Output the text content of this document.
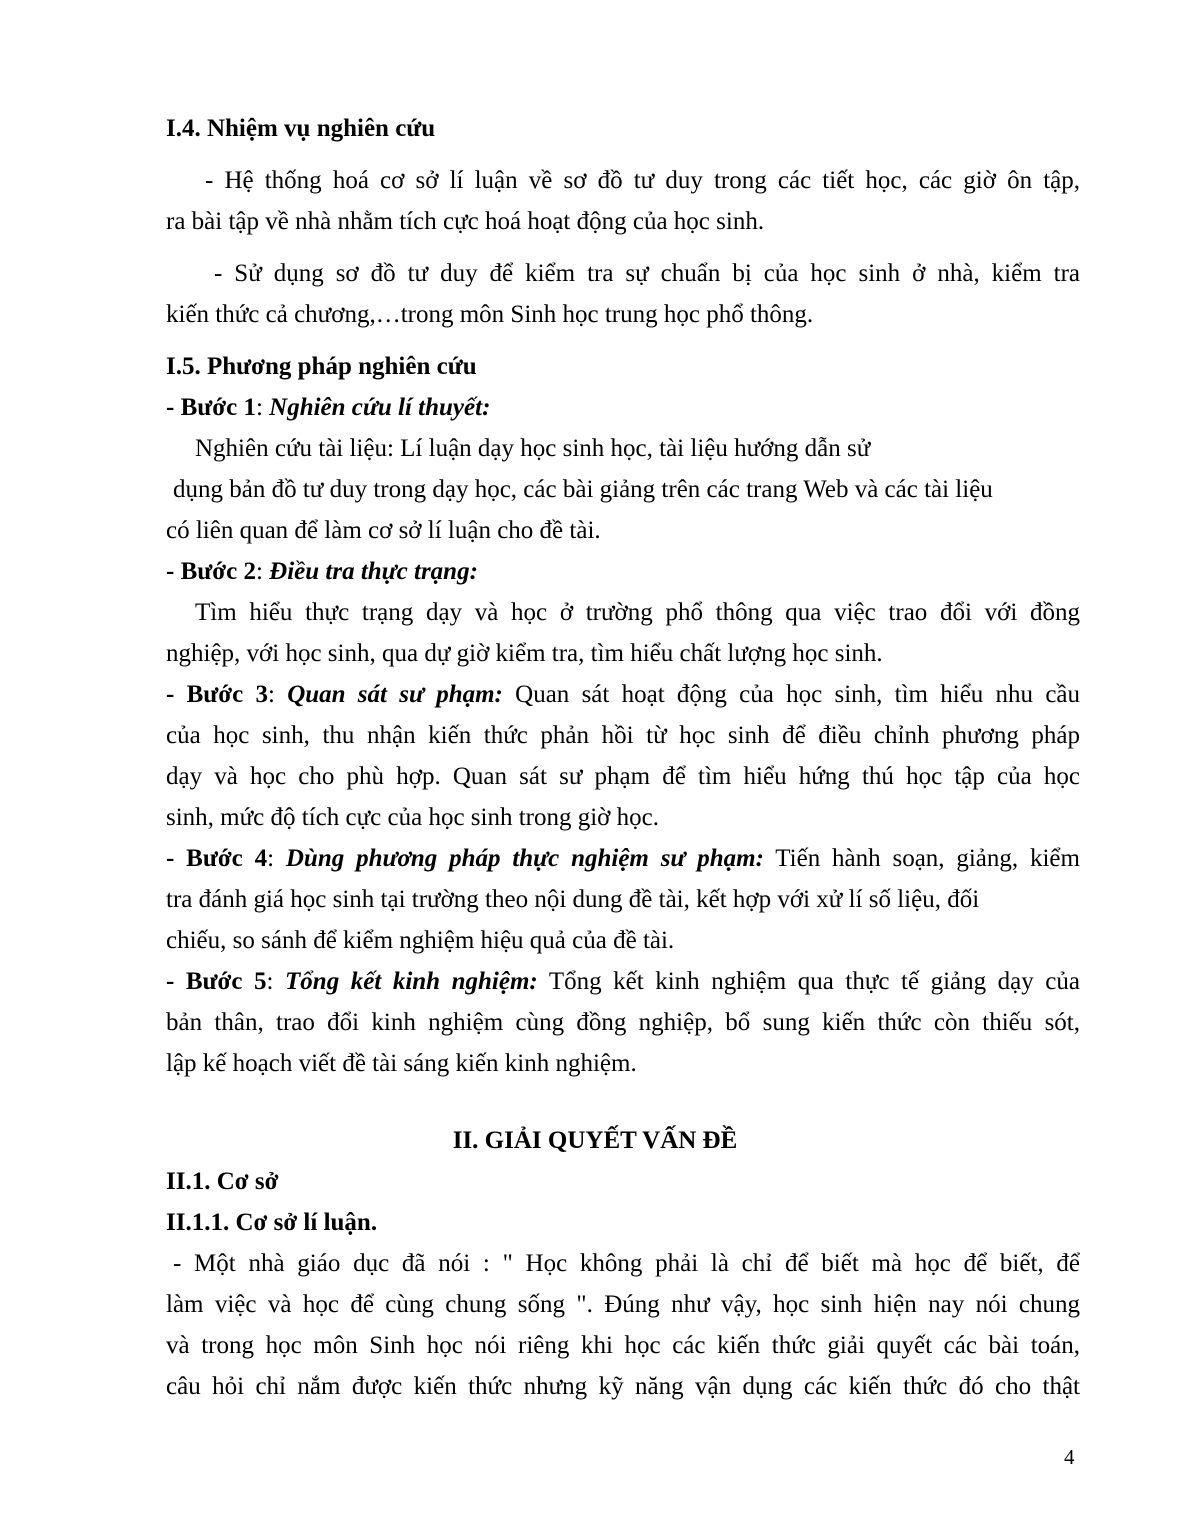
I.4. Nhiệm vụ nghiên cứu
- Hệ thống hoá cơ sở lí luận về sơ đồ tư duy trong các tiết học, các giờ ôn tập,
ra bài tập về nhà nhằm tích cực hoá hoạt động của học sinh.
- Sử dụng sơ đồ tư duy để kiểm tra sự chuẩn bị của học sinh ở nhà, kiểm tra
kiến thức cả chương,…trong môn Sinh học trung học phổ thông.
I.5. Phương pháp nghiên cứu
- Bước 1: Nghiên cứu lí thuyết:
Nghiên cứu tài liệu: Lí luận dạy học sinh học, tài liệu hướng dẫn sử
dụng bản đồ tư duy trong dạy học, các bài giảng trên các trang Web và các tài liệu
có liên quan để làm cơ sở lí luận cho đề tài.
- Bước 2: Điều tra thực trạng:
Tìm hiểu thực trạng dạy và học ở trường phổ thông qua việc trao đổi với đồng
nghiệp, với học sinh, qua dự giờ kiểm tra, tìm hiểu chất lượng học sinh.
- Bước 3: Quan sát sư phạm: Quan sát hoạt động của học sinh, tìm hiểu nhu cầu
của học sinh, thu nhận kiến thức phản hồi từ học sinh để điều chỉnh phương pháp
dạy và học cho phù hợp. Quan sát sư phạm để tìm hiểu hứng thú học tập của học
sinh, mức độ tích cực của học sinh trong giờ học.
- Bước 4: Dùng phương pháp thực nghiệm sư phạm: Tiến hành soạn, giảng, kiểm
tra đánh giá học sinh tại trường theo nội dung đề tài, kết hợp với xử lí số liệu, đối
chiếu, so sánh để kiểm nghiệm hiệu quả của đề tài.
- Bước 5: Tổng kết kinh nghiệm: Tổng kết kinh nghiệm qua thực tế giảng dạy của
bản thân, trao đổi kinh nghiệm cùng đồng nghiệp, bổ sung kiến thức còn thiếu sót,
lập kế hoạch viết đề tài sáng kiến kinh nghiệm.
II. GIẢI QUYẾT VẤN ĐỀ
II.1. Cơ sở
II.1.1. Cơ sở lí luận.
- Một nhà giáo dục đã nói : " Học không phải là chỉ để biết mà học để biết, để
làm việc và học để cùng chung sống ". Đúng như vậy, học sinh hiện nay nói chung
và trong học môn Sinh học nói riêng khi học các kiến thức giải quyết các bài toán,
câu hỏi chỉ nắm được kiến thức nhưng kỹ năng vận dụng các kiến thức đó cho thật
4
